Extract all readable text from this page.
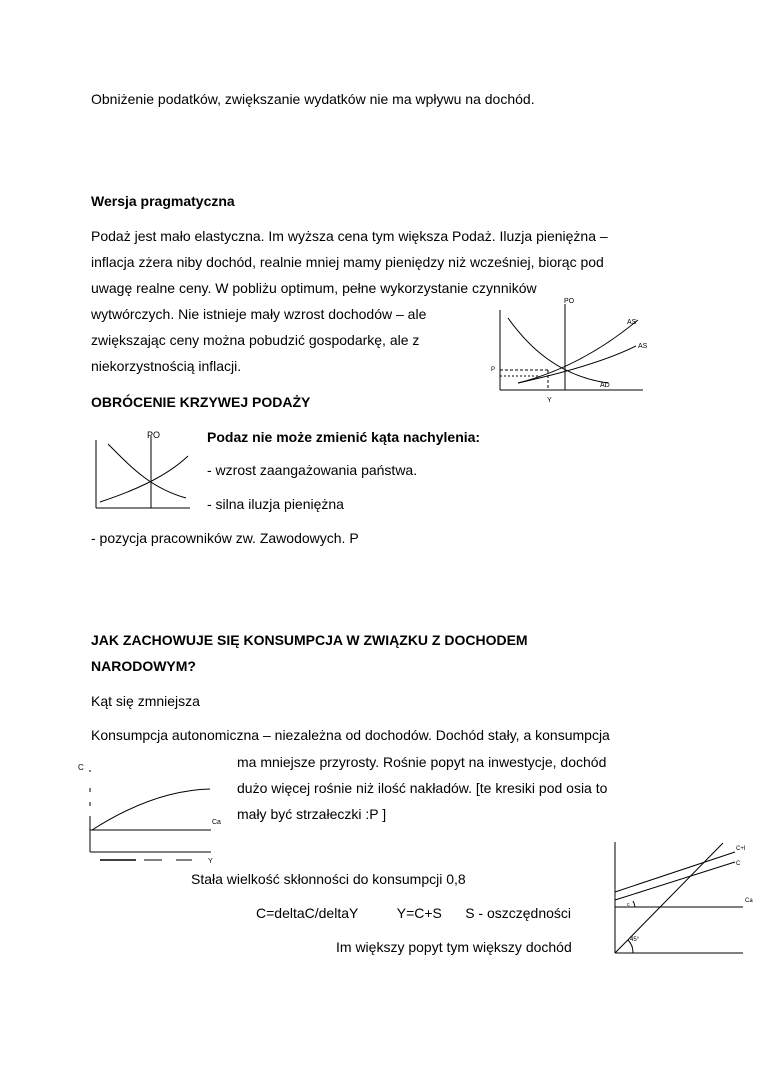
Obniżenie podatków, zwiększanie wydatków nie ma wpływu na dochód.
Wersja pragmatyczna
Podaż jest mało elastyczna. Im wyższa cena tym większa Podaż. Iluzja pieniężna –
inflacja zżera niby dochód, realnie mniej mamy pieniędzy niż wcześniej, biorąc pod
uwagę realne ceny. W pobliżu optimum, pełne wykorzystanie czynników
wytwórczych. Nie istnieje mały wzrost dochodów – ale
zwiększając ceny można pobudzić gospodarkę, ale z
niekorzystnością inflacji.
OBRÓCENIE KRZYWEJ PODAŻY
Podaz nie może zmienić kąta nachylenia:
- wzrost zaangażowania państwa.
- silna iluzja pieniężna
- pozycja pracowników zw. Zawodowych. P
JAK ZACHOWUJE SIĘ KONSUMPCJA W ZWIĄZKU Z DOCHODEM
NARODOWYM?
Kąt się zmniejsza
Konsumpcja autonomiczna – niezależna od dochodów. Dochód stały, a konsumpcja
ma mniejsze przyrosty. Rośnie popyt na inwestycje, dochód
dużo więcej rośnie niż ilość nakładów. [te kresiki pod osia to
mały być strzałeczki :P ]
Stała wielkość skłonności do konsumpcji 0,8
C=deltaC/deltaY          Y=C+S      S - oszczędności
Im większy popyt tym większy dochód
PO
AS
AS
AD
Y
P
PO
C
Ca
Y
C+I
C
Ca
c
45°
